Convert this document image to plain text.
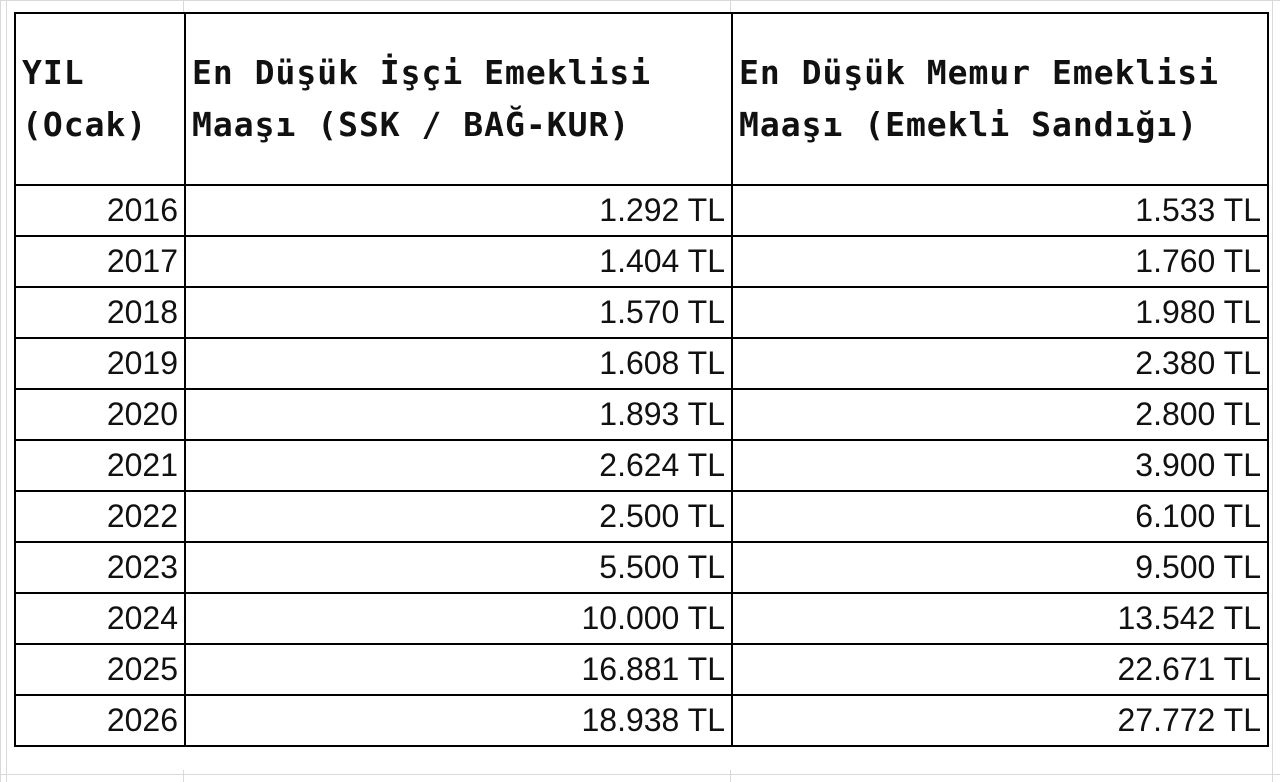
YIL (Ocak)	En Düşük İşçi Emeklisi Maaşı (SSK / BAĞ-KUR)	En Düşük Memur Emeklisi Maaşı (Emekli Sandığı)
2016	1.292 TL	1.533 TL
2017	1.404 TL	1.760 TL
2018	1.570 TL	1.980 TL
2019	1.608 TL	2.380 TL
2020	1.893 TL	2.800 TL
2021	2.624 TL	3.900 TL
2022	2.500 TL	6.100 TL
2023	5.500 TL	9.500 TL
2024	10.000 TL	13.542 TL
2025	16.881 TL	22.671 TL
2026	18.938 TL	27.772 TL
